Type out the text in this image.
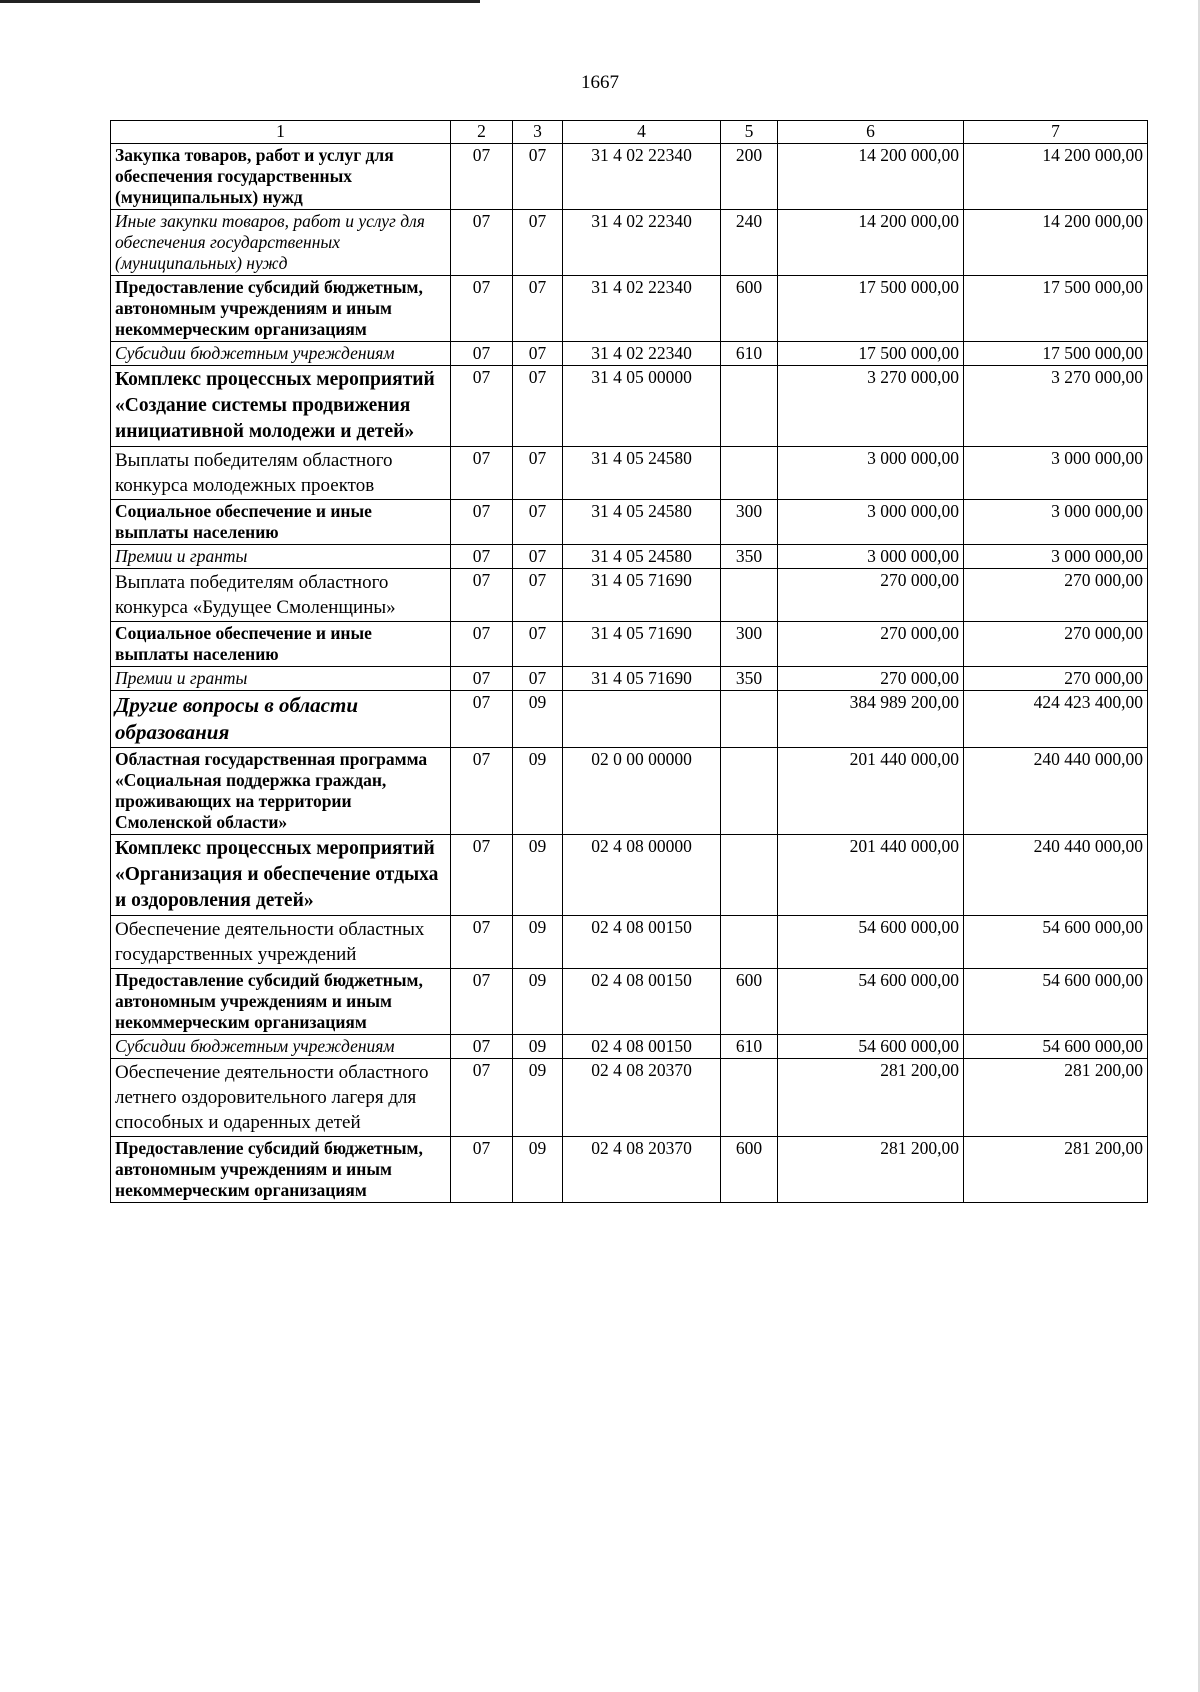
1667
1	2	3	4	5	6	7
Закупка товаров, работ и услуг для обеспечения государственных (муниципальных) нужд	07	07	31 4 02 22340	200	14 200 000,00	14 200 000,00
Иные закупки товаров, работ и услуг для обеспечения государственных (муниципальных) нужд	07	07	31 4 02 22340	240	14 200 000,00	14 200 000,00
Предоставление субсидий бюджетным, автономным учреждениям и иным некоммерческим организациям	07	07	31 4 02 22340	600	17 500 000,00	17 500 000,00
Субсидии бюджетным учреждениям	07	07	31 4 02 22340	610	17 500 000,00	17 500 000,00
Комплекс процессных мероприятий «Создание системы продвижения инициативной молодежи и детей»	07	07	31 4 05 00000		3 270 000,00	3 270 000,00
Выплаты победителям областного конкурса молодежных проектов	07	07	31 4 05 24580		3 000 000,00	3 000 000,00
Социальное обеспечение и иные выплаты населению	07	07	31 4 05 24580	300	3 000 000,00	3 000 000,00
Премии и гранты	07	07	31 4 05 24580	350	3 000 000,00	3 000 000,00
Выплата победителям областного конкурса «Будущее Смоленщины»	07	07	31 4 05 71690		270 000,00	270 000,00
Социальное обеспечение и иные выплаты населению	07	07	31 4 05 71690	300	270 000,00	270 000,00
Премии и гранты	07	07	31 4 05 71690	350	270 000,00	270 000,00
Другие вопросы в области образования	07	09			384 989 200,00	424 423 400,00
Областная государственная программа «Социальная поддержка граждан, проживающих на территории Смоленской области»	07	09	02 0 00 00000		201 440 000,00	240 440 000,00
Комплекс процессных мероприятий «Организация и обеспечение отдыха и оздоровления детей»	07	09	02 4 08 00000		201 440 000,00	240 440 000,00
Обеспечение деятельности областных государственных учреждений	07	09	02 4 08 00150		54 600 000,00	54 600 000,00
Предоставление субсидий бюджетным, автономным учреждениям и иным некоммерческим организациям	07	09	02 4 08 00150	600	54 600 000,00	54 600 000,00
Субсидии бюджетным учреждениям	07	09	02 4 08 00150	610	54 600 000,00	54 600 000,00
Обеспечение деятельности областного летнего оздоровительного лагеря для способных и одаренных детей	07	09	02 4 08 20370		281 200,00	281 200,00
Предоставление субсидий бюджетным, автономным учреждениям и иным некоммерческим организациям	07	09	02 4 08 20370	600	281 200,00	281 200,00
